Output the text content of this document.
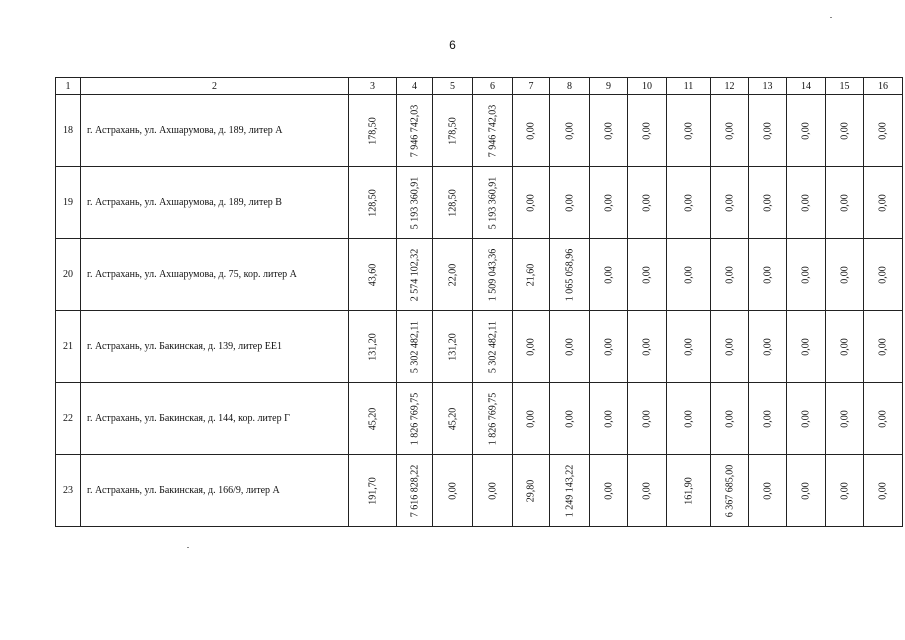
6
1	2	3	4	5	6	7	8	9	10	11	12	13	14	15	16
18	г. Астрахань, ул. Ахшарумова, д. 189, литер А	178,50	7 946 742,03	178,50	7 946 742,03	0,00	0,00	0,00	0,00	0,00	0,00	0,00	0,00	0,00	0,00

19	г. Астрахань, ул. Ахшарумова, д. 189, литер В	128,50	5 193 360,91	128,50	5 193 360,91	0,00	0,00	0,00	0,00	0,00	0,00	0,00	0,00	0,00	0,00

20	г. Астрахань, ул. Ахшарумова, д. 75, кор. литер А	43,60	2 574 102,32	22,00	1 509 043,36	21,60	1 065 058,96	0,00	0,00	0,00	0,00	0,00	0,00	0,00	0,00

21	г. Астрахань, ул. Бакинская, д. 139, литер ЕЕ1	131,20	5 302 482,11	131,20	5 302 482,11	0,00	0,00	0,00	0,00	0,00	0,00	0,00	0,00	0,00	0,00

22	г. Астрахань, ул. Бакинская, д. 144, кор. литер Г	45,20	1 826 769,75	45,20	1 826 769,75	0,00	0,00	0,00	0,00	0,00	0,00	0,00	0,00	0,00	0,00

23	г. Астрахань, ул. Бакинская, д. 166/9, литер А	191,70	7 616 828,22	0,00	0,00	29,80	1 249 143,22	0,00	0,00	161,90	6 367 685,00	0,00	0,00	0,00	0,00
